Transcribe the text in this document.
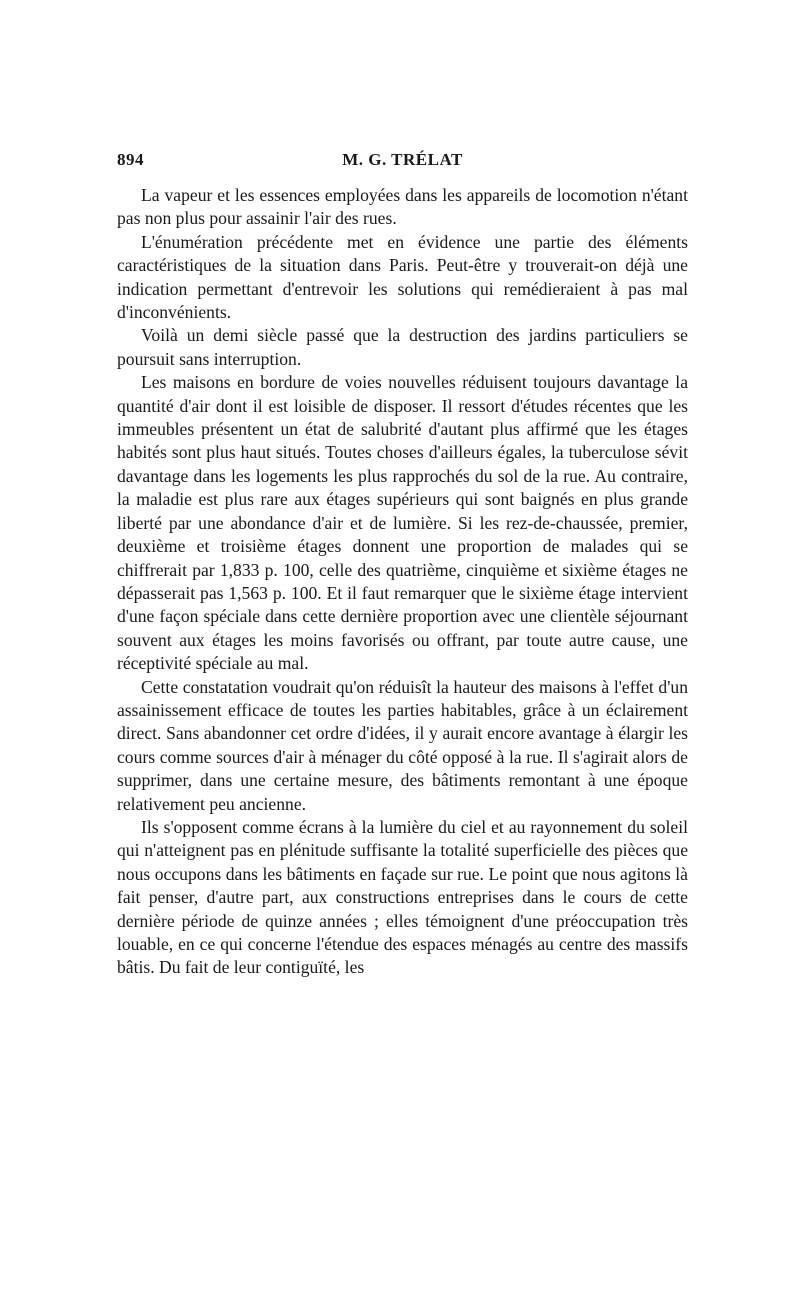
894	M. G. TRÉLAT

La vapeur et les essences employées dans les appareils de locomotion n'étant pas non plus pour assainir l'air des rues.

L'énumération précédente met en évidence une partie des éléments caractéristiques de la situation dans Paris. Peut-être y trouverait-on déjà une indication permettant d'entrevoir les solutions qui remédieraient à pas mal d'inconvénients.

Voilà un demi siècle passé que la destruction des jardins particuliers se poursuit sans interruption.

Les maisons en bordure de voies nouvelles réduisent toujours davantage la quantité d'air dont il est loisible de disposer. Il ressort d'études récentes que les immeubles présentent un état de salubrité d'autant plus affirmé que les étages habités sont plus haut situés. Toutes choses d'ailleurs égales, la tuberculose sévit davantage dans les logements les plus rapprochés du sol de la rue. Au contraire, la maladie est plus rare aux étages supérieurs qui sont baignés en plus grande liberté par une abondance d'air et de lumière. Si les rez-de-chaussée, premier, deuxième et troisième étages donnent une proportion de malades qui se chiffrerait par 1,833 p. 100, celle des quatrième, cinquième et sixième étages ne dépasserait pas 1,563 p. 100. Et il faut remarquer que le sixième étage intervient d'une façon spéciale dans cette dernière proportion avec une clientèle séjournant souvent aux étages les moins favorisés ou offrant, par toute autre cause, une réceptivité spéciale au mal.

Cette constatation voudrait qu'on réduisît la hauteur des maisons à l'effet d'un assainissement efficace de toutes les parties habitables, grâce à un éclairement direct. Sans abandonner cet ordre d'idées, il y aurait encore avantage à élargir les cours comme sources d'air à ménager du côté opposé à la rue. Il s'agirait alors de supprimer, dans une certaine mesure, des bâtiments remontant à une époque relativement peu ancienne.

Ils s'opposent comme écrans à la lumière du ciel et au rayonnement du soleil qui n'atteignent pas en plénitude suffisante la totalité superficielle des pièces que nous occupons dans les bâtiments en façade sur rue. Le point que nous agitons là fait penser, d'autre part, aux constructions entreprises dans le cours de cette dernière période de quinze années ; elles témoignent d'une préoccupation très louable, en ce qui concerne l'étendue des espaces ménagés au centre des massifs bâtis. Du fait de leur contiguïté, les
